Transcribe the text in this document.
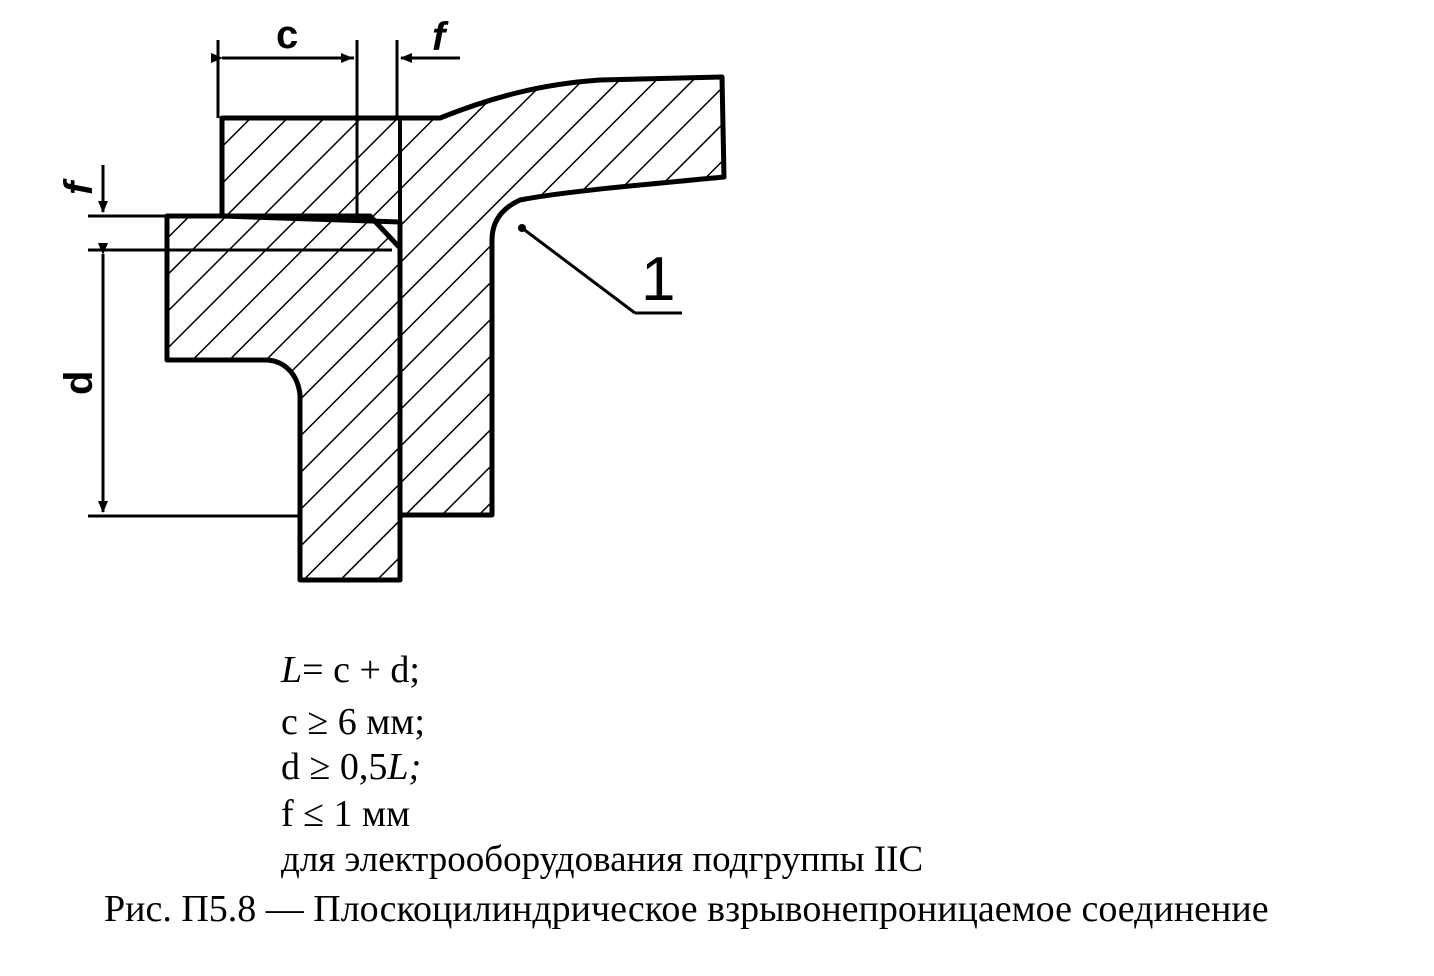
c	f
f
d
1
L= c + d;
c ≥ 6 мм;
d ≥ 0,5L;
f ≤ 1 мм
для электрооборудования подгруппы IIC
Рис. П5.8 — Плоскоцилиндрическое взрывонепроницаемое соединение
